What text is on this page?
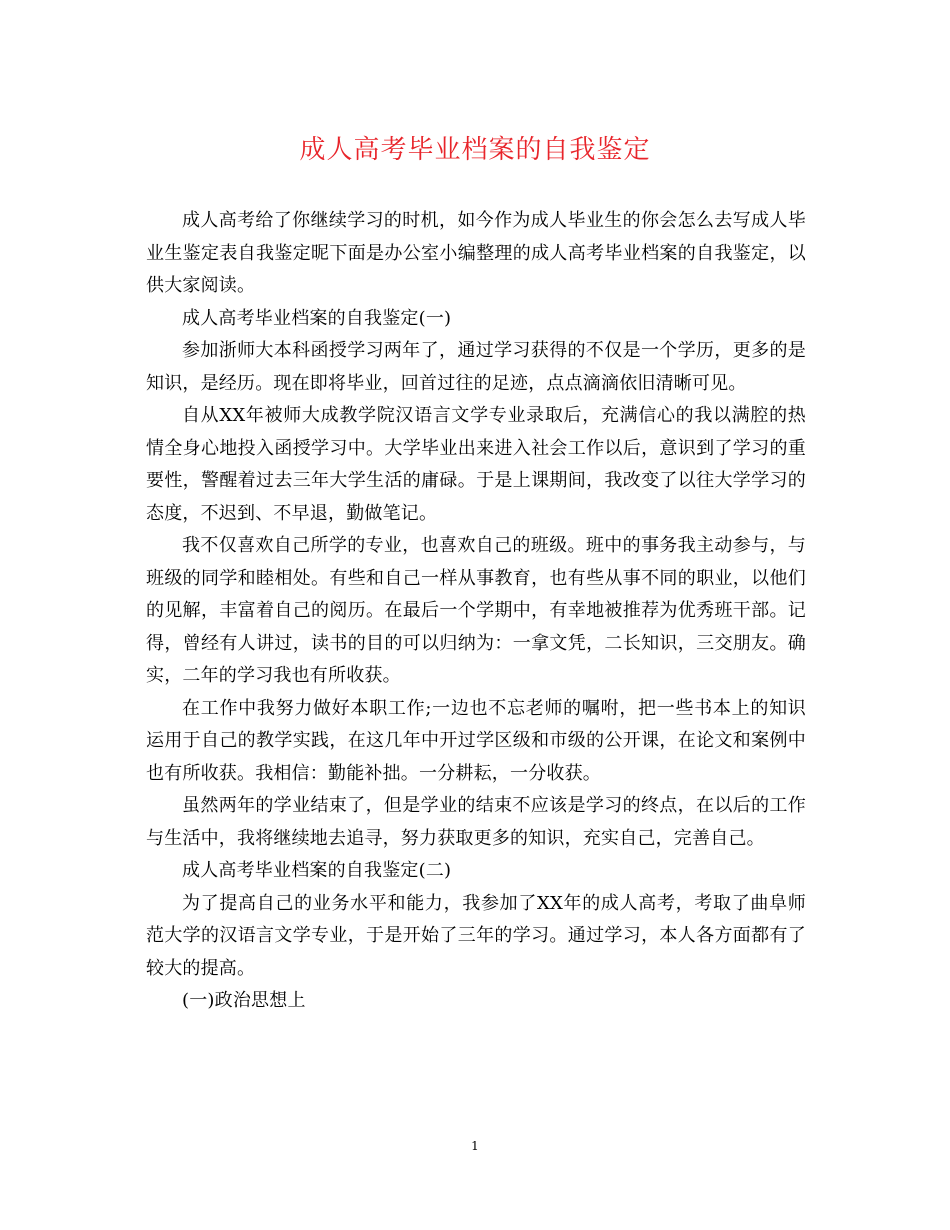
成人高考毕业档案的自我鉴定

成人高考给了你继续学习的时机，如今作为成人毕业生的你会怎么去写成人毕业生鉴定表自我鉴定昵下面是办公室小编整理的成人高考毕业档案的自我鉴定，以供大家阅读。

成人高考毕业档案的自我鉴定(一)

参加浙师大本科函授学习两年了，通过学习获得的不仅是一个学历，更多的是知识，是经历。现在即将毕业，回首过往的足迹，点点滴滴依旧清晰可见。

自从XX年被师大成教学院汉语言文学专业录取后，充满信心的我以满腔的热情全身心地投入函授学习中。大学毕业出来进入社会工作以后，意识到了学习的重要性，警醒着过去三年大学生活的庸碌。于是上课期间，我改变了以往大学学习的态度，不迟到、不早退，勤做笔记。

我不仅喜欢自己所学的专业，也喜欢自己的班级。班中的事务我主动参与，与班级的同学和睦相处。有些和自己一样从事教育，也有些从事不同的职业，以他们的见解，丰富着自己的阅历。在最后一个学期中，有幸地被推荐为优秀班干部。记得，曾经有人讲过，读书的目的可以归纳为：一拿文凭，二长知识，三交朋友。确实，二年的学习我也有所收获。

在工作中我努力做好本职工作;一边也不忘老师的嘱咐，把一些书本上的知识运用于自己的教学实践，在这几年中开过学区级和市级的公开课，在论文和案例中也有所收获。我相信：勤能补拙。一分耕耘，一分收获。

虽然两年的学业结束了，但是学业的结束不应该是学习的终点，在以后的工作与生活中，我将继续地去追寻，努力获取更多的知识，充实自己，完善自己。

成人高考毕业档案的自我鉴定(二)

为了提高自己的业务水平和能力，我参加了XX年的成人高考，考取了曲阜师范大学的汉语言文学专业，于是开始了三年的学习。通过学习，本人各方面都有了较大的提高。

(一)政治思想上

1
